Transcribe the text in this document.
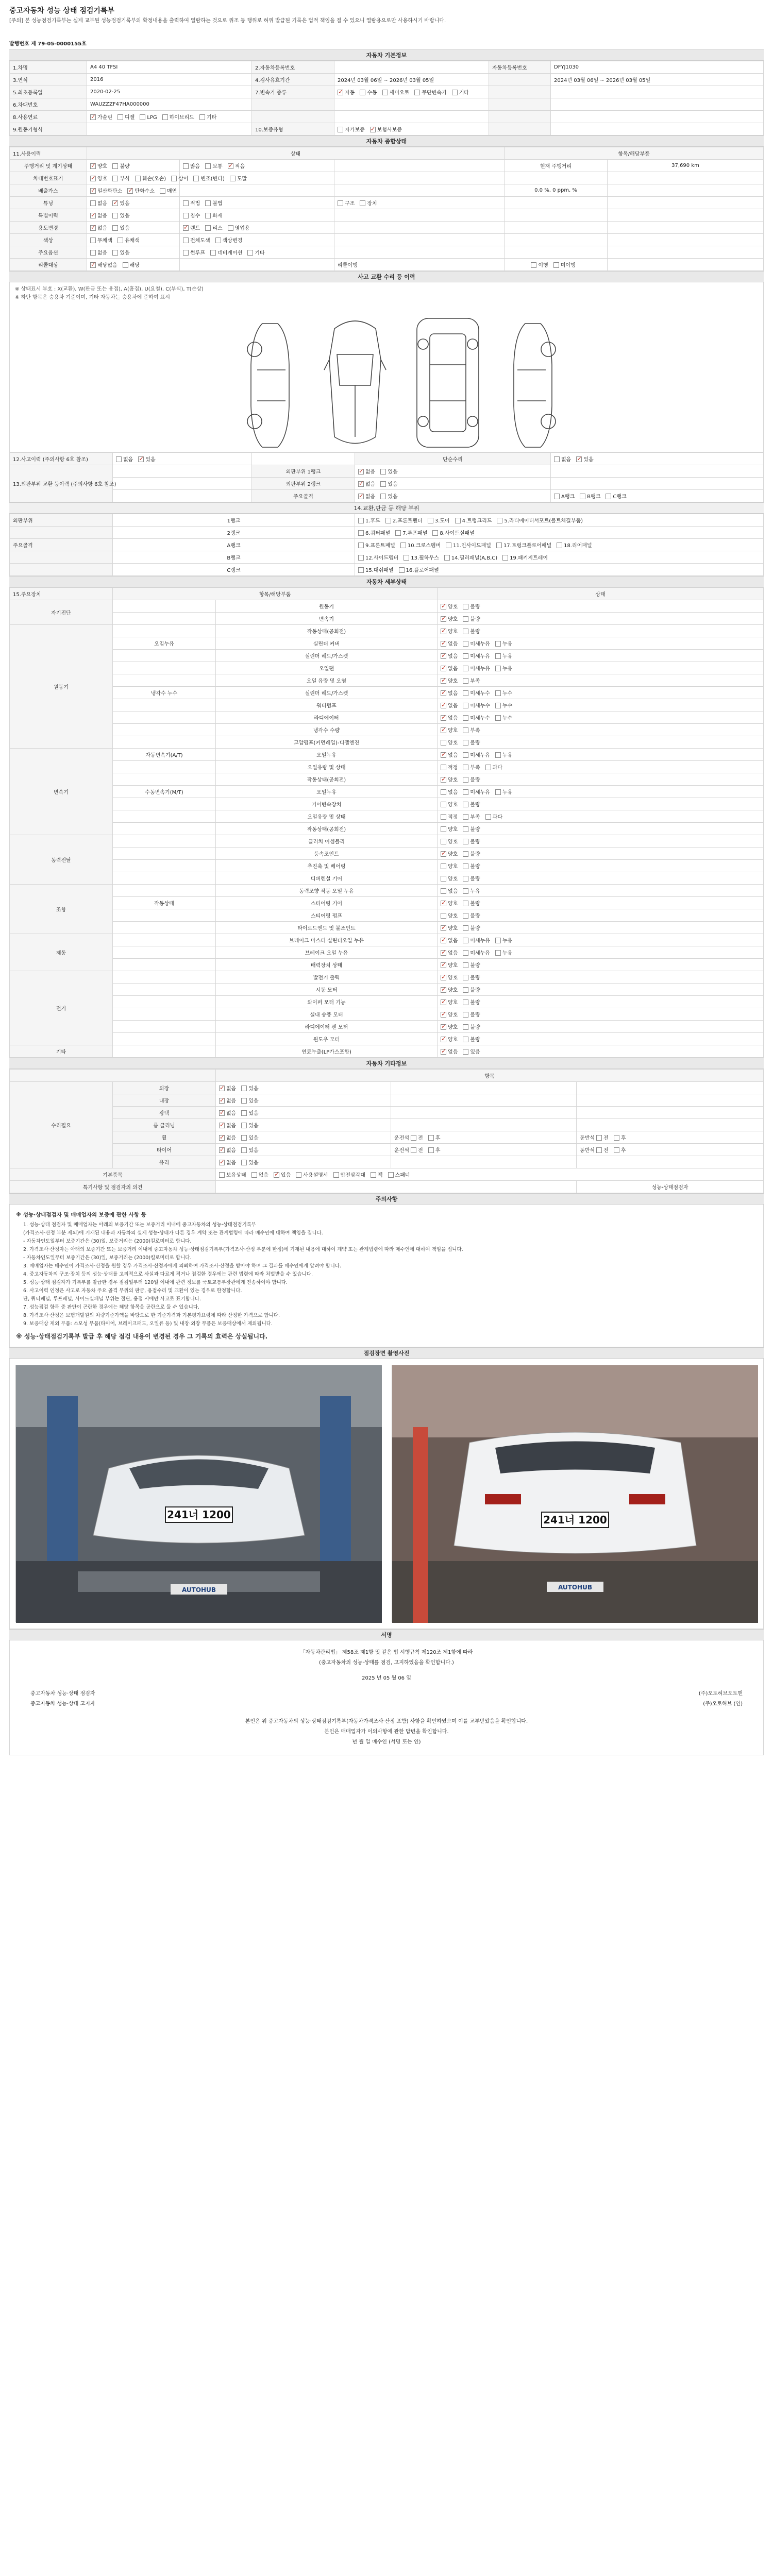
중고자동차 성능 상태 점검기록부
[주의] 본 성능점검기록부는 실제 교부된 성능점검기록부의 확정내용을 출력하여 열람하는 것으로 위조 등 행위로 허위 발급된 기록은 법적 책임을 질 수 있으니 열람용으로만 사용하시기 바랍니다.
발행번호 제 79-05-0000155호
자동차 기본정보
1.차명	A4 40 TFSI	2.자동차등록번호		자동차등록번호	DFYJ1030
3.연식	2016	4.검사유효기간	2024년 03월 06일 ~ 2026년 03월 05일		2024년 03월 06일 ~ 2026년 03월 05일
5.최초등록일	2020-02-25	7.변속기 종류	✓자동 수동 세미오토 무단변속기 기타		
6.차대번호	WAUZZZF47HA000000				
8.사용연료	✓가솔린 디젤 LPG 하이브리드 기타				
9.원동기형식		10.보증유형	자가보증 ✓ 보험사보증		
자동차 종합상태
11.사용이력	상태			항목/해당부품	
주행거리 및 계기상태	✓양호 불량	많음 보통 ✓ 적음		현재 주행거리	37,690 km
차대번호표기	✓양호 부식 훼손(오손) 상이 변조(변타) 도말				
배출가스	✓일산화탄소 ✓ 탄화수소 매연			0.0 %, 0 ppm, %	
튜닝	없음 ✓ 있음	적법 불법	구조 장치		
특별이력	✓없음 있음	침수 화재			
용도변경	✓없음 있음	✓렌트 리스 영업용			
색상	무채색 유채색	전체도색 색상변경			
주요옵션	없음 있음	썬루프 네비게이션 기타			
리콜대상	✓해당없음 해당		리콜이행	이행 미이행	
사고 교환 수리 등 이력
※ 상태표시 부호 : X(교환), W(판금 또는 용접), A(흠집), U(요철), C(부식), T(손상)
※ 하단 항목은 승용차 기준이며, 기타 자동차는 승용차에 준하여 표시
12.사고이력 (주의사항 6호 참조)	없음 ✓ 있음		단순수리	없음 ✓ 있음
13.외판부위 교환 등이력 (주의사항 6호 참조)		외판부위 1랭크	✓없음 있음	
		외판부위 2랭크	✓없음 있음	
		주요골격	✓없음 있음	A랭크 B랭크 C랭크
14.교환,판금 등 해당 부위
외판부위	1랭크	1.후드 2.프론트펜더 3.도어 4.트렁크리드 5.라디에이터서포트(볼트체결부품)
	2랭크	6.쿼터패널 7.루프패널 8.사이드실패널
주요골격	A랭크	9.프론트패널 10.크로스멤버 11.인사이드패널 17.트렁크플로어패널 18.리어패널
	B랭크	12.사이드멤버 13.휠하우스 14.필러패널(A,B,C) 19.패키지트레이
	C랭크	15.대쉬패널 16.플로어패널
자동차 세부상태
15.주요장치	항목/해당부품		상태
자기진단		원동기	✓양호 불량
		변속기	✓양호 불량
원동기		작동상태(공회전)	✓양호 불량
	오일누유	실린더 커버	✓없음 미세누유 누유
		실린더 헤드/가스켓	✓없음 미세누유 누유
		오일팬	✓없음 미세누유 누유
		오일 유량 및 오염	✓양호 부족
	냉각수 누수	실린더 헤드/가스켓	✓없음 미세누수 누수
		워터펌프	✓없음 미세누수 누수
		라디에이터	✓없음 미세누수 누수
		냉각수 수량	✓양호 부족
		고압펌프(커먼레일)-디젤엔진	양호 불량
변속기	자동변속기(A/T)	오일누유	✓없음 미세누유 누유
		오일유량 및 상태	적정 부족 과다
		작동상태(공회전)	✓양호 불량
	수동변속기(M/T)	오일누유	없음 미세누유 누유
		기어변속장치	양호 불량
		오일유량 및 상태	적정 부족 과다
		작동상태(공회전)	양호 불량
동력전달		클러치 어셈블리	양호 불량
		등속조인트	✓양호 불량
		추진축 및 베어링	양호 불량
		디퍼렌셜 기어	양호 불량
조향		동력조향 작동 오일 누유	없음 누유
	작동상태	스티어링 기어	✓양호 불량
		스티어링 펌프	양호 불량
		타이로드엔드 및 볼조인트	✓양호 불량
제동		브레이크 마스터 실린더오일 누유	✓없음 미세누유 누유
		브레이크 오일 누유	✓없음 미세누유 누유
		배력장치 상태	✓양호 불량
전기		발전기 출력	✓양호 불량
		시동 모터	✓양호 불량
		와이퍼 모터 기능	✓양호 불량
		실내 송풍 모터	✓양호 불량
		라디에이터 팬 모터	✓양호 불량
		윈도우 모터	✓양호 불량
기타		연료누출(LP가스포함)	✓없음 있음
자동차 기타정보
		항목		
수리필요	외장	✓없음 있음		
	내장	✓없음 있음		
	광택	✓없음 있음		
	룸 클리닝	✓없음 있음		
	휠	✓없음 있음	운전석 전 후	동반석 전 후
	타이어	✓없음 있음	운전석 전 후	동반석 전 후
	유리	✓없음 있음		
기본품목		보유상태 없음 ✓ 있음 사용설명서 안전삼각대 잭 스패너
특기사항 및 점검자의 의견				성능·상태점검자
주의사항
※ 성능·상태점검자 및 매매업자의 보증에 관한 사항 등

1. 성능·상태 점검자 및 매매업자는 아래의 보증기간 또는 보증거리 이내에 중고자동차의 성능·상태점검기록부

(가격조사·산정 부분 제외)에 기재된 내용과 자동차의 실제 성능·상태가 다른 경우 계약 또는 관계법령에 따라 매수인에 대하여 책임을 집니다.

- 자동차인도일부터 보증기간은 (30)일, 보증거리는 (2000)킬로미터로 합니다.

2. 가격조사·산정자는 아래의 보증기간 또는 보증거리 이내에 중고자동차 성능·상태점검기록부(가격조사·산정 부분에 한정)에 기재된 내용에 대하여 계약 또는 관계법령에 따라 매수인에 대하여 책임을 집니다.

- 자동차인도일부터 보증기간은 (30)일, 보증거리는 (2000)킬로미터로 합니다.

3. 매매업자는 매수인이 가격조사·산정을 원할 경우 가격조사·산정자에게 의뢰하여 가격조사·산정을 받아야 하며 그 결과를 매수인에게 알려야 합니다.

4. 중고자동차의 구조·장치 등의 성능·상태를 고의적으로 사실과 다르게 적거나 점검한 경우에는 관련 법령에 따라 처벌받을 수 있습니다.

5. 성능·상태 점검자가 기록부를 발급한 경우 점검일부터 120일 이내에 관련 정보를 국토교통부장관에게 전송하여야 합니다.

6. 사고이력 인정은 사고로 자동차 주요 골격 부위의 판금, 용접수리 및 교환이 있는 경우로 한정합니다.

단, 쿼터패널, 루프패널, 사이드실패널 부위는 절단, 용접 시에만 사고로 표기합니다.

7. 성능점검 항목 중 판단이 곤란한 경우에는 해당 항목을 공란으로 둘 수 있습니다.

8. 가격조사·산정은 보험개발원의 차량기준가액을 바탕으로 한 기준가격과 기본평가요령에 따라 산정한 가격으로 합니다.

9. 보증대상 제외 부품: 소모성 부품(타이어, 브레이크패드, 오일류 등) 및 내장·외장 부품은 보증대상에서 제외됩니다.

※ 성능·상태점검기록부 발급 후 해당 점검 내용이 변경된 경우 그 기록의 효력은 상실됩니다.
점검장면 촬영사진
241너 1200
AUTOHUB
241너 1200
AUTOHUB
서명
「자동차관리법」 제58조 제1항 및 같은 법 시행규칙 제120조 제1항에 따라
(중고자동차의 성능·상태를 점검, 고지하였음을 확인합니다.)
2025 년 05 월 06 일
중고자동차 성능·상태 점검자	(주)오토허브오토맨
중고자동차 성능·상태 고지자	(주)오토허브 (인)
본인은 위 중고자동차의 성능·상태점검기록부(자동차가격조사·산정 포함) 사항을 확인하였으며 이를 교부받았음을 확인합니다.
본인은 매매업자가 이의사항에 관한 답변을 확인합니다.
년 월 일 매수인 (서명 또는 인)
